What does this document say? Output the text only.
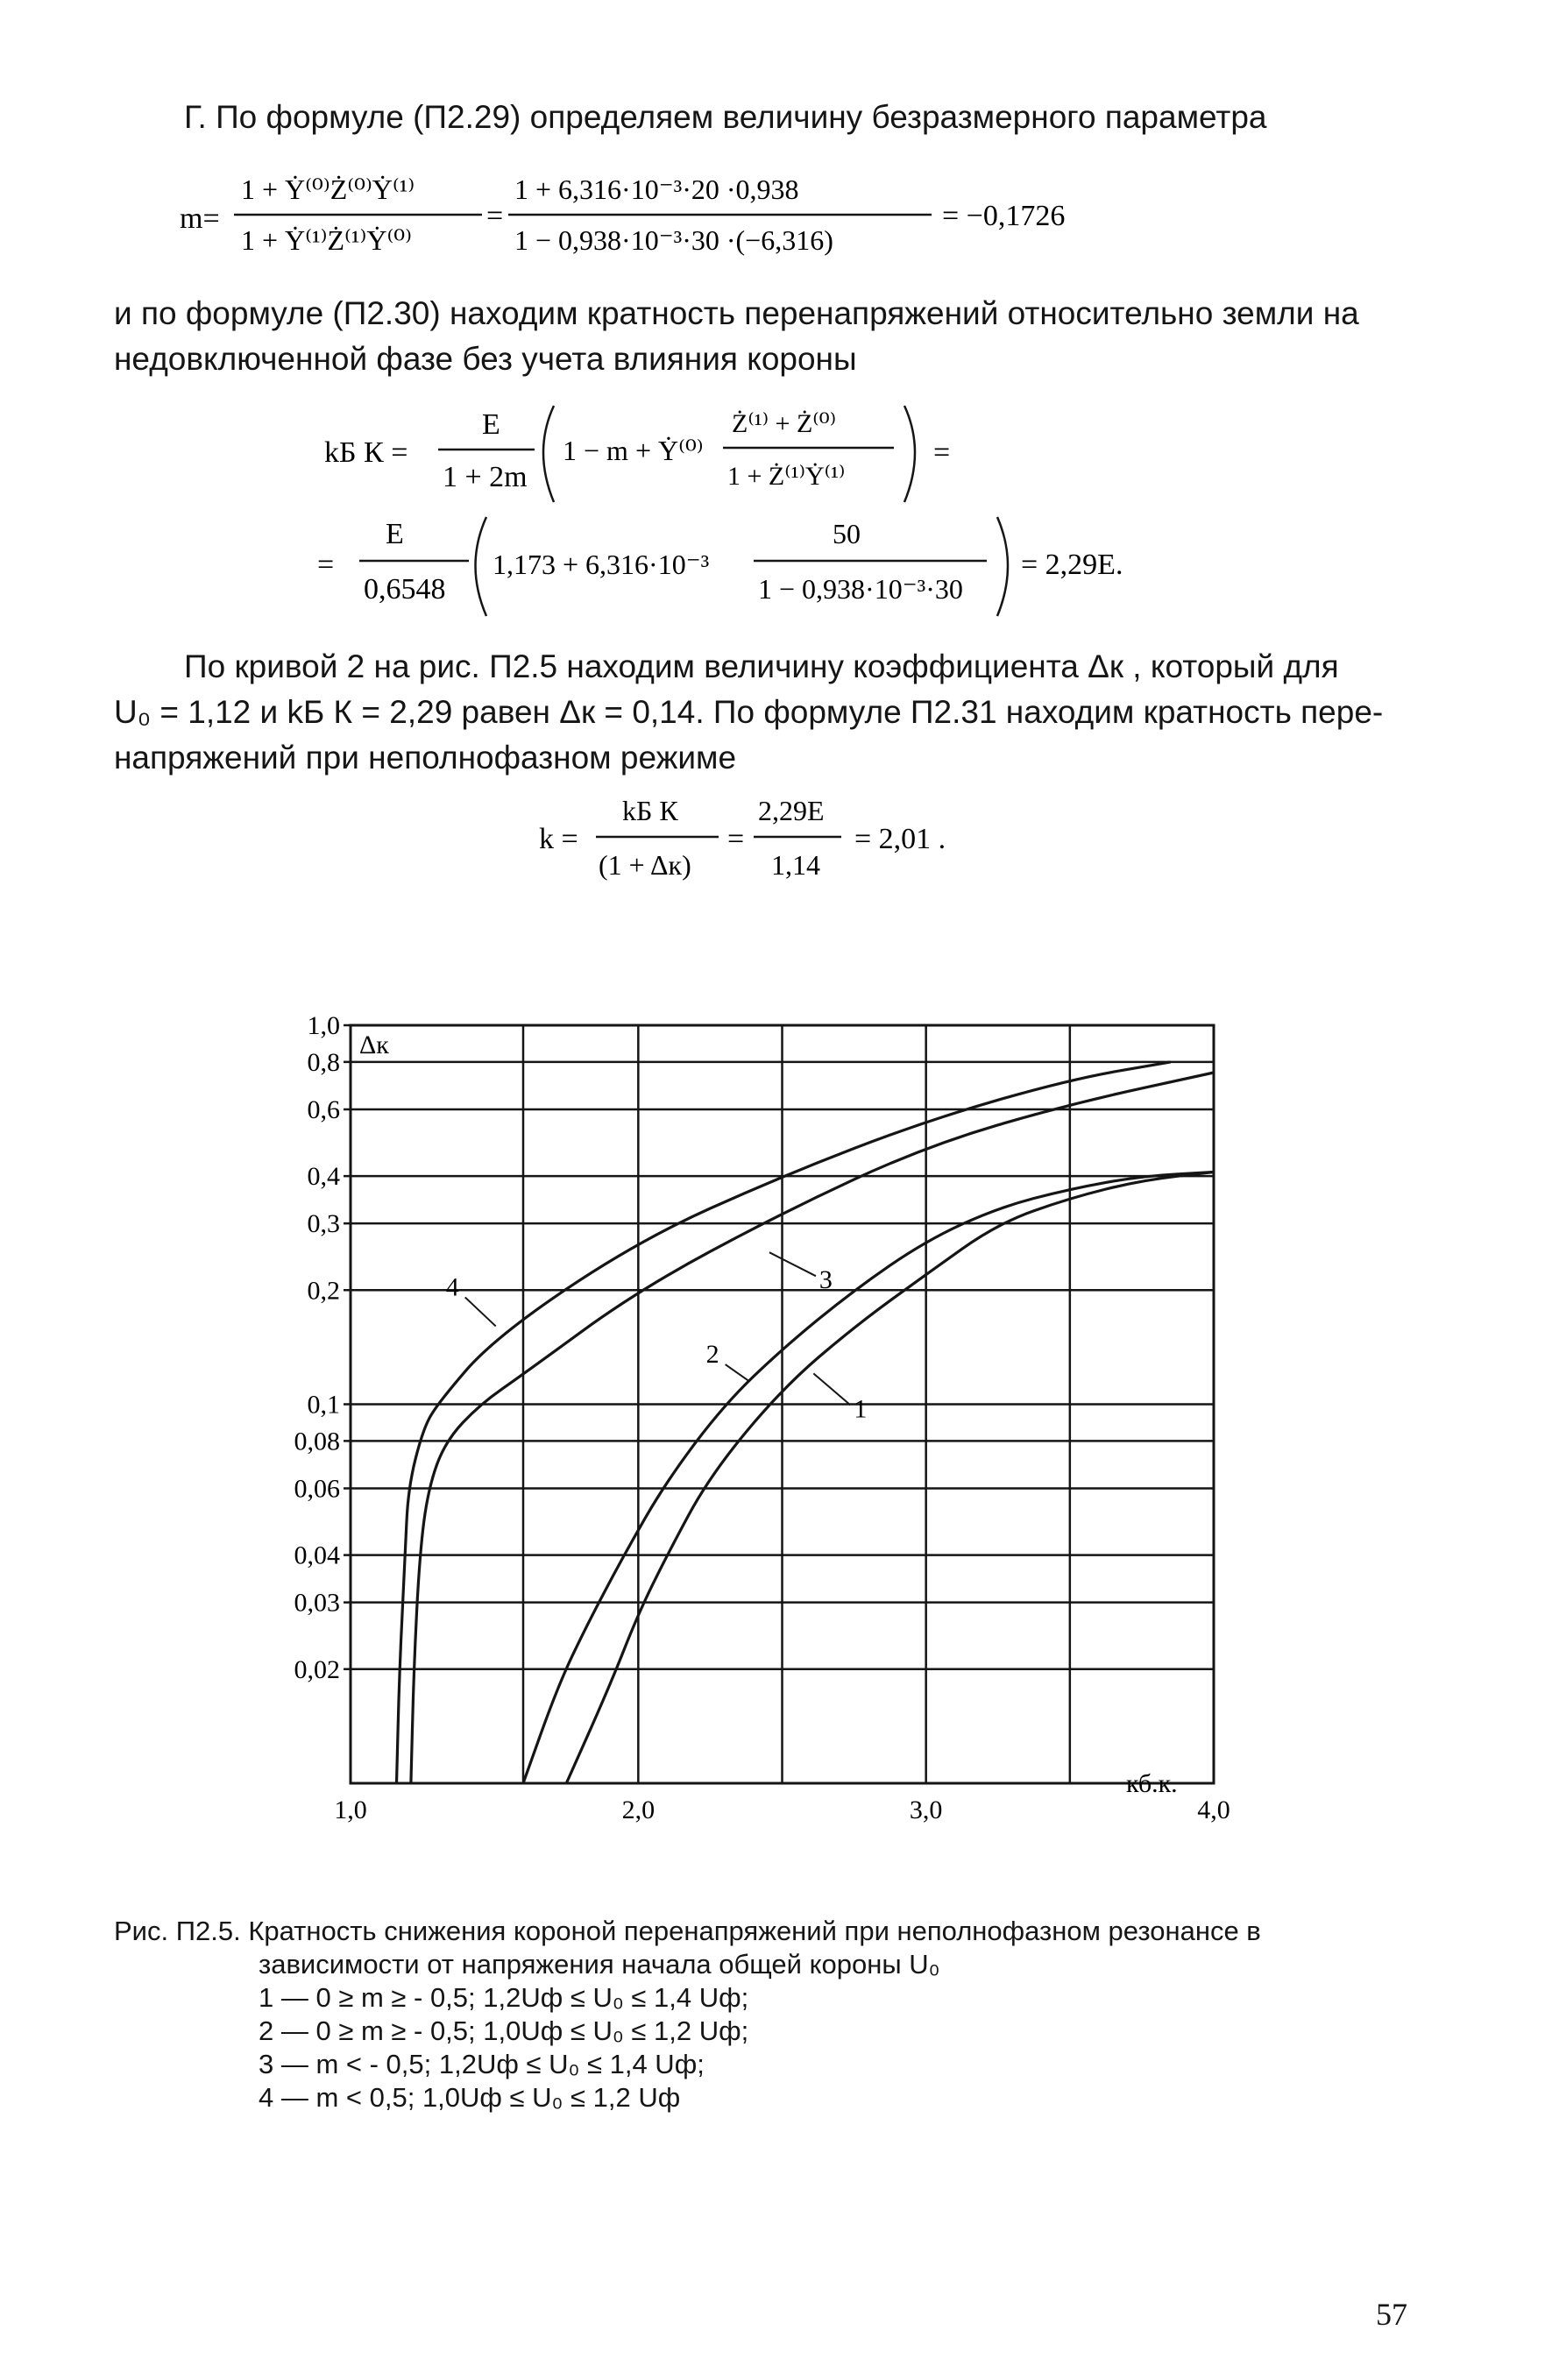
Г. По формуле (П2.29) определяем величину безразмерного параметра
m=
1 + Ẏ⁽⁰⁾Ż⁽⁰⁾Ẏ⁽¹⁾
1 + Ẏ⁽¹⁾Ż⁽¹⁾Ẏ⁽⁰⁾
=
1 + 6,316·10⁻³·20 ·0,938
1 − 0,938·10⁻³·30 ·(−6,316)
= −0,1726
и по формуле (П2.30) находим кратность перенапряжений относительно земли на
недовключенной фазе без учета влияния короны
kБ К =
E
1 + 2m
1 − m + Ẏ⁽⁰⁾
Ż⁽¹⁾ + Ż⁽⁰⁾
1 + Ż⁽¹⁾Ẏ⁽¹⁾
=
=
E
0,6548
1,173 + 6,316·10⁻³
50
1 − 0,938·10⁻³·30
= 2,29E.
По кривой 2 на рис. П2.5 находим величину коэффициента Δк , который для
U₀ = 1,12 и kБ К = 2,29 равен Δк = 0,14. По формуле П2.31 находим кратность пере-
напряжений при неполнофазном режиме
k =
kБ К
(1 + Δк)
=
2,29E
1,14
= 2,01 .
1,0
0,8
0,6
0,4
0,3
0,2
0,1
0,08
0,06
0,04
0,03
0,02
1,0	2,0	3,0	4,0
4	3
2
1
Δк
кб.к.
Рис. П2.5. Кратность снижения короной перенапряжений при неполнофазном резонансе в
зависимости от напряжения начала общей короны U₀
1 — 0 ≥ m ≥ - 0,5; 1,2Uф ≤ U₀ ≤ 1,4 Uф;
2 — 0 ≥ m ≥ - 0,5; 1,0Uф ≤ U₀ ≤ 1,2 Uф;
3 — m < - 0,5; 1,2Uф ≤ U₀ ≤ 1,4 Uф;
4 — m < 0,5; 1,0Uф ≤ U₀ ≤ 1,2 Uф
57
